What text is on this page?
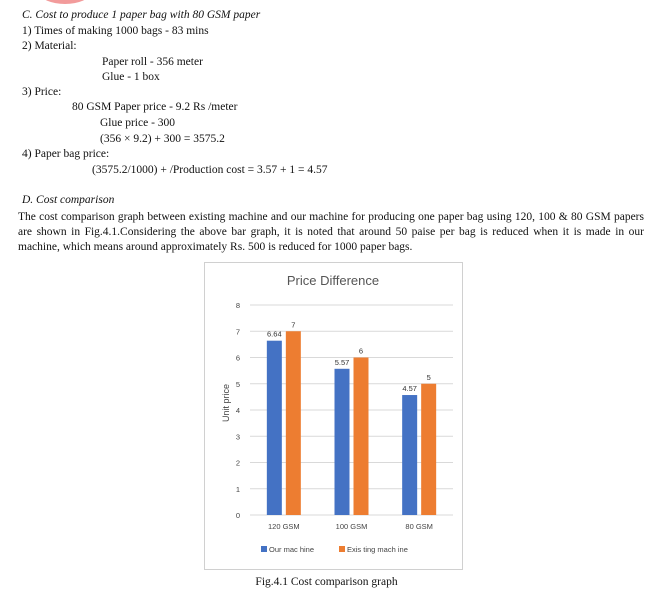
C. Cost to produce 1 paper bag with 80 GSM paper
1) Times of making 1000 bags - 83 mins
2) Material:
Paper roll - 356 meter
Glue - 1 box
3) Price:
80 GSM Paper price - 9.2 Rs /meter
Glue price - 300
(356 × 9.2) + 300 = 3575.2
4) Paper bag price:
(3575.2/1000) + /Production cost = 3.57 + 1 = 4.57
D. Cost comparison
The cost comparison graph between existing machine and our machine for producing one paper bag using 120, 100 & 80 GSM papers are shown in Fig.4.1.Considering the above bar graph, it is noted that around 50 paise per bag is reduced when it is made in our machine, which means around approximately Rs. 500 is reduced for 1000 paper bags.
Price Difference
Unit price
0
1
2
3
4
5
6
7
8
6.64
7
120 GSM
5.57
6
100 GSM
4.57
5
80 GSM
Our mac hine	Exis ting mach ine
Fig.4.1 Cost comparison graph
